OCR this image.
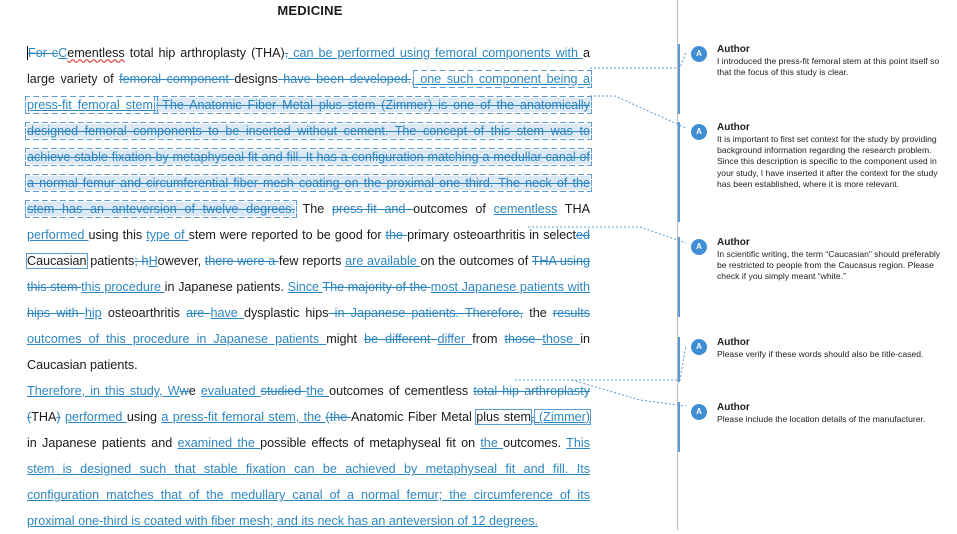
MEDICINE
For cCementless total hip arthroplasty (THA), can be performed using femoral components with a large variety of femoral component designs have been developed., one such component being a press-fit femoral stem. The Anatomic Fiber Metal plus stem (Zimmer) is one of the anatomically designed femoral components to be inserted without cement. The concept of this stem was to achieve stable fixation by metaphyseal fit and fill. It has a configuration matching a medullar canal of a normal femur and circumferential fiber mesh coating on the proximal one third. The neck of the stem has an anteversion of twelve degrees. The press-fit and outcomes of cementless THA performed using this type of stem were reported to be good for the primary osteoarthritis in selected Caucasian patients; hHowever, there were a few reports are available on the outcomes of THA using this stem this procedure in Japanese patients. Since The majority of the most Japanese patients with hips with hip osteoarthritis are have dysplastic hips in Japanese patients. Therefore, the results outcomes of this procedure in Japanese patients might be different differ from those those in Caucasian patients.
Therefore, in this study, Wwe evaluated studied the outcomes of cementless total hip arthroplasty (THA) performed using a press-fit femoral stem, the (the Anatomic Fiber Metal plus stem, (Zimmer) in Japanese patients and examined the possible effects of metaphyseal fit on the outcomes. This stem is designed such that stable fixation can be achieved by metaphyseal fit and fill. Its configuration matches that of the medullary canal of a normal femur; the circumference of its proximal one-third is coated with fiber mesh; and its neck has an anteversion of 12 degrees.
A	Author
I introduced the press-fit femoral stem at this point itself so that the focus of this study is clear.
A	Author
It is important to first set context for the study by providing background information regarding the research problem. Since this description is specific to the component used in your study, I have inserted it after the context for the study has been established, where it is more relevant.
A	Author
In scientific writing, the term “Caucasian” should preferably be restricted to people from the Caucasus region. Please check if you simply meant “white.”
A	Author
Please verify if these words should also be title-cased.
A	Author
Please include the location details of the manufacturer.
